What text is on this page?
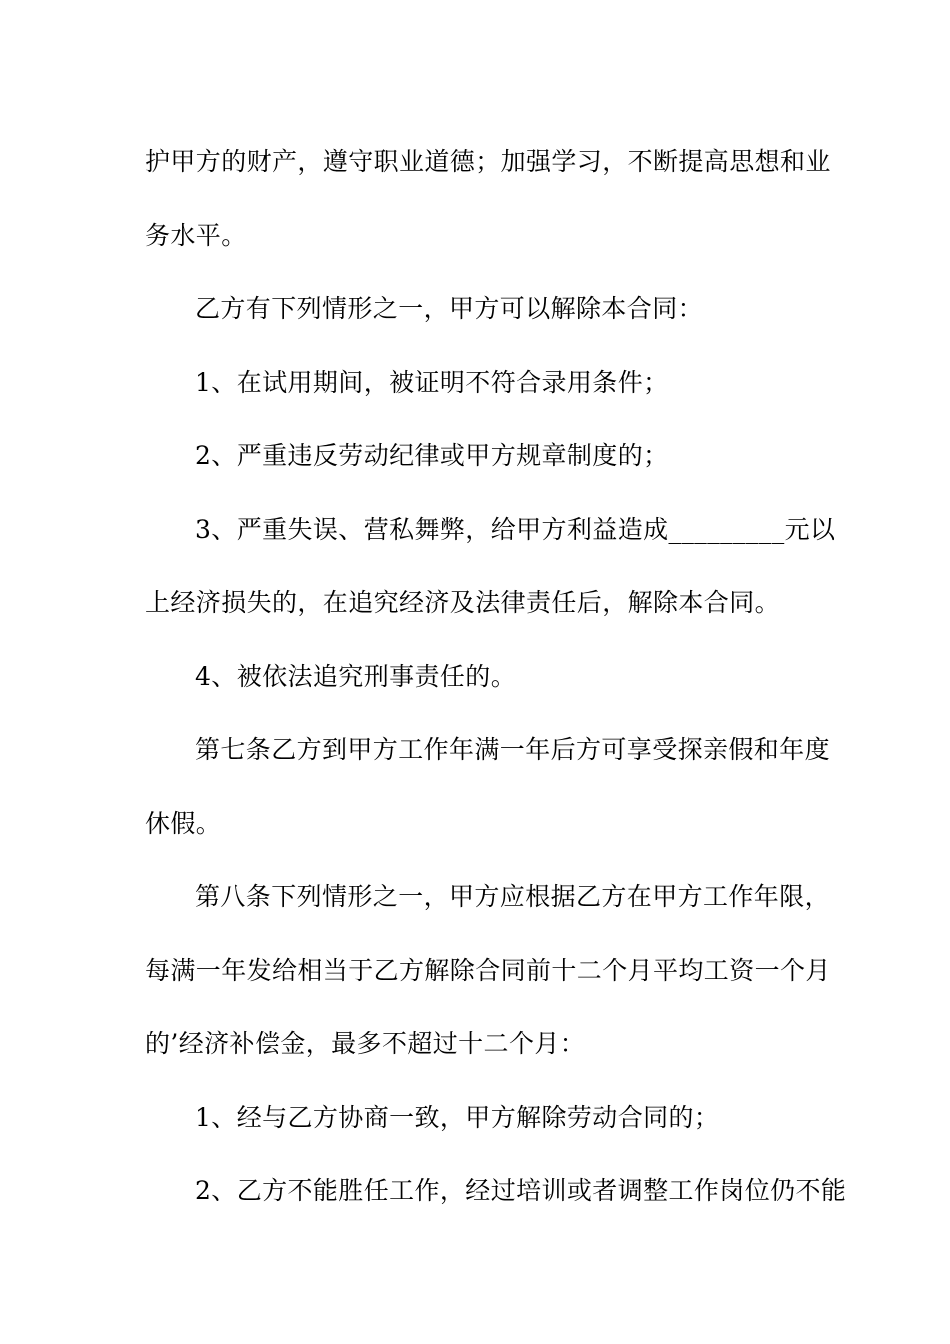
护甲方的财产，遵守职业道德；加强学习，不断提高思想和业

务水平。

乙方有下列情形之一，甲方可以解除本合同：

1、在试用期间，被证明不符合录用条件；

2、严重违反劳动纪律或甲方规章制度的；

3、严重失误、营私舞弊，给甲方利益造成_________元以

上经济损失的，在追究经济及法律责任后，解除本合同。

4、被依法追究刑事责任的。

第七条乙方到甲方工作年满一年后方可享受探亲假和年度

休假。

第八条下列情形之一，甲方应根据乙方在甲方工作年限，

每满一年发给相当于乙方解除合同前十二个月平均工资一个月

的’经济补偿金，最多不超过十二个月：

1、经与乙方协商一致，甲方解除劳动合同的；

2、乙方不能胜任工作，经过培训或者调整工作岗位仍不能
